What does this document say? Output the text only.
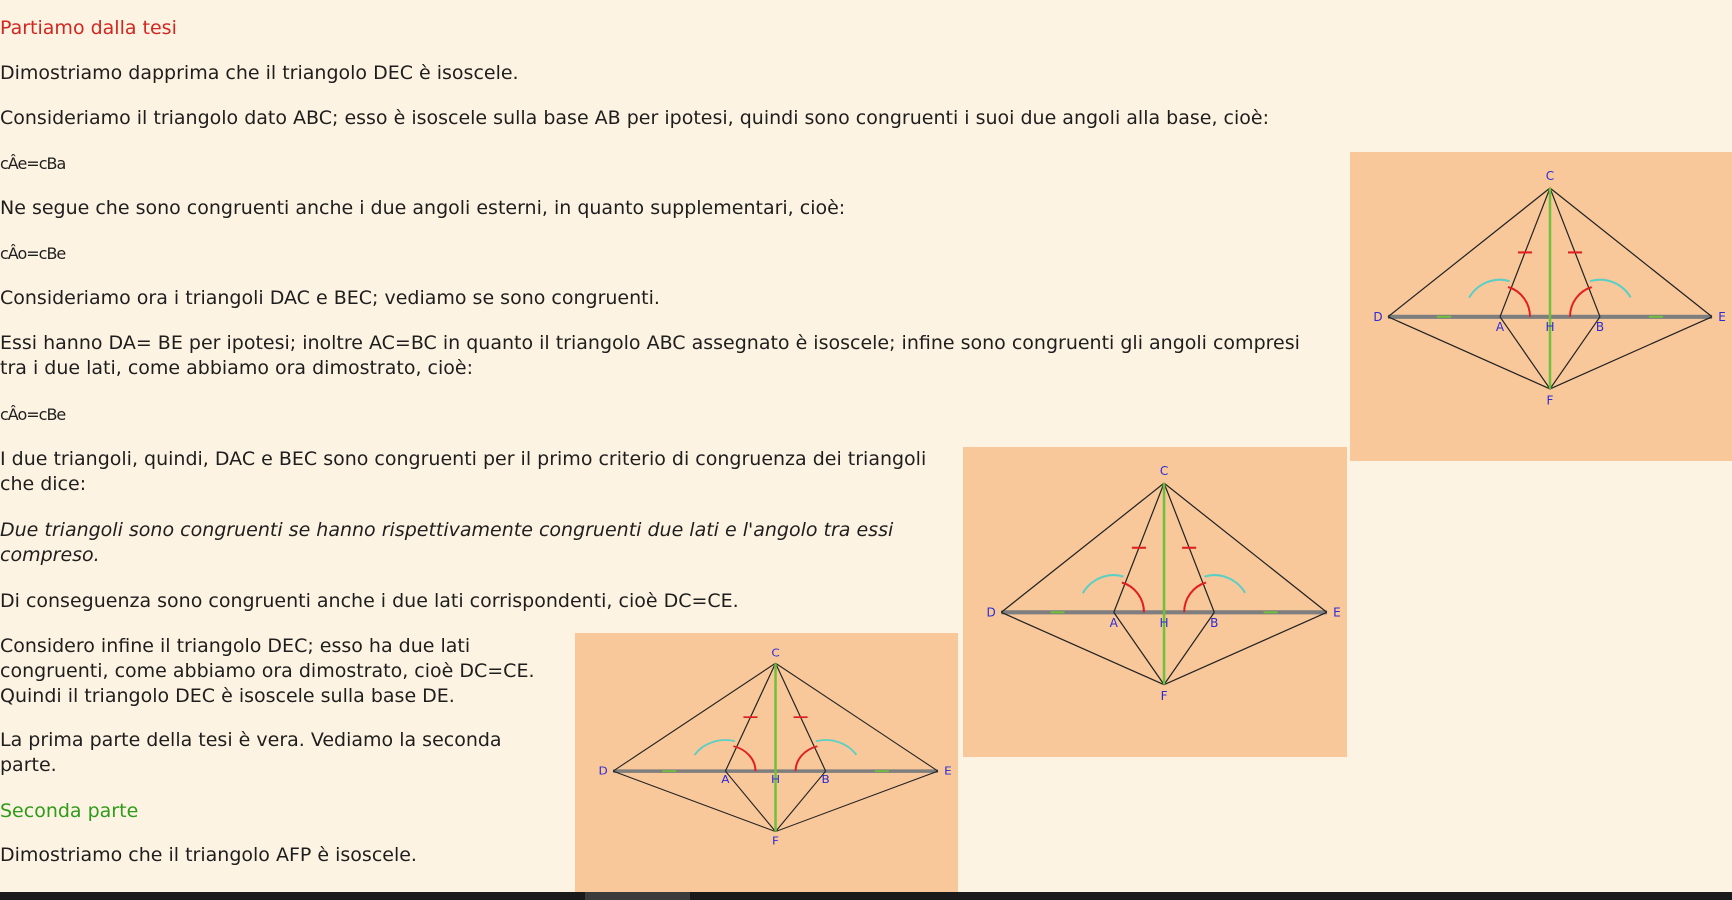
Partiamo dalla tesi

Dimostriamo dapprima che il triangolo DEC è isoscele.

Consideriamo il triangolo dato ABC; esso è isoscele sulla base AB per ipotesi, quindi sono congruenti i suoi due angoli alla base, cioè:

cÂe=cBa

Ne segue che sono congruenti anche i due angoli esterni, in quanto supplementari, cioè:

cÂo=cBe

Consideriamo ora i triangoli DAC e BEC; vediamo se sono congruenti.

Essi hanno DA= BE per ipotesi; inoltre AC=BC in quanto il triangolo ABC assegnato è isoscele; infine sono congruenti gli angoli compresi tra i due lati, come abbiamo ora dimostrato, cioè:

cÂo=cBe

I due triangoli, quindi, DAC e BEC sono congruenti per il primo criterio di congruenza dei triangoli che dice:

Due triangoli sono congruenti se hanno rispettivamente congruenti due lati e l'angolo tra essi compreso.

Di conseguenza sono congruenti anche i due lati corrispondenti, cioè DC=CE.

Considero infine il triangolo DEC; esso ha due lati congruenti, come abbiamo ora dimostrato, cioè DC=CE. Quindi il triangolo DEC è isoscele sulla base DE.

La prima parte della tesi è vera. Vediamo la seconda parte.

Seconda parte

Dimostriamo che il triangolo AFP è isoscele.

C
D
A	H	B
E
F
C
D
A	H	B
E
F
C
D
A	H	B
E
F
